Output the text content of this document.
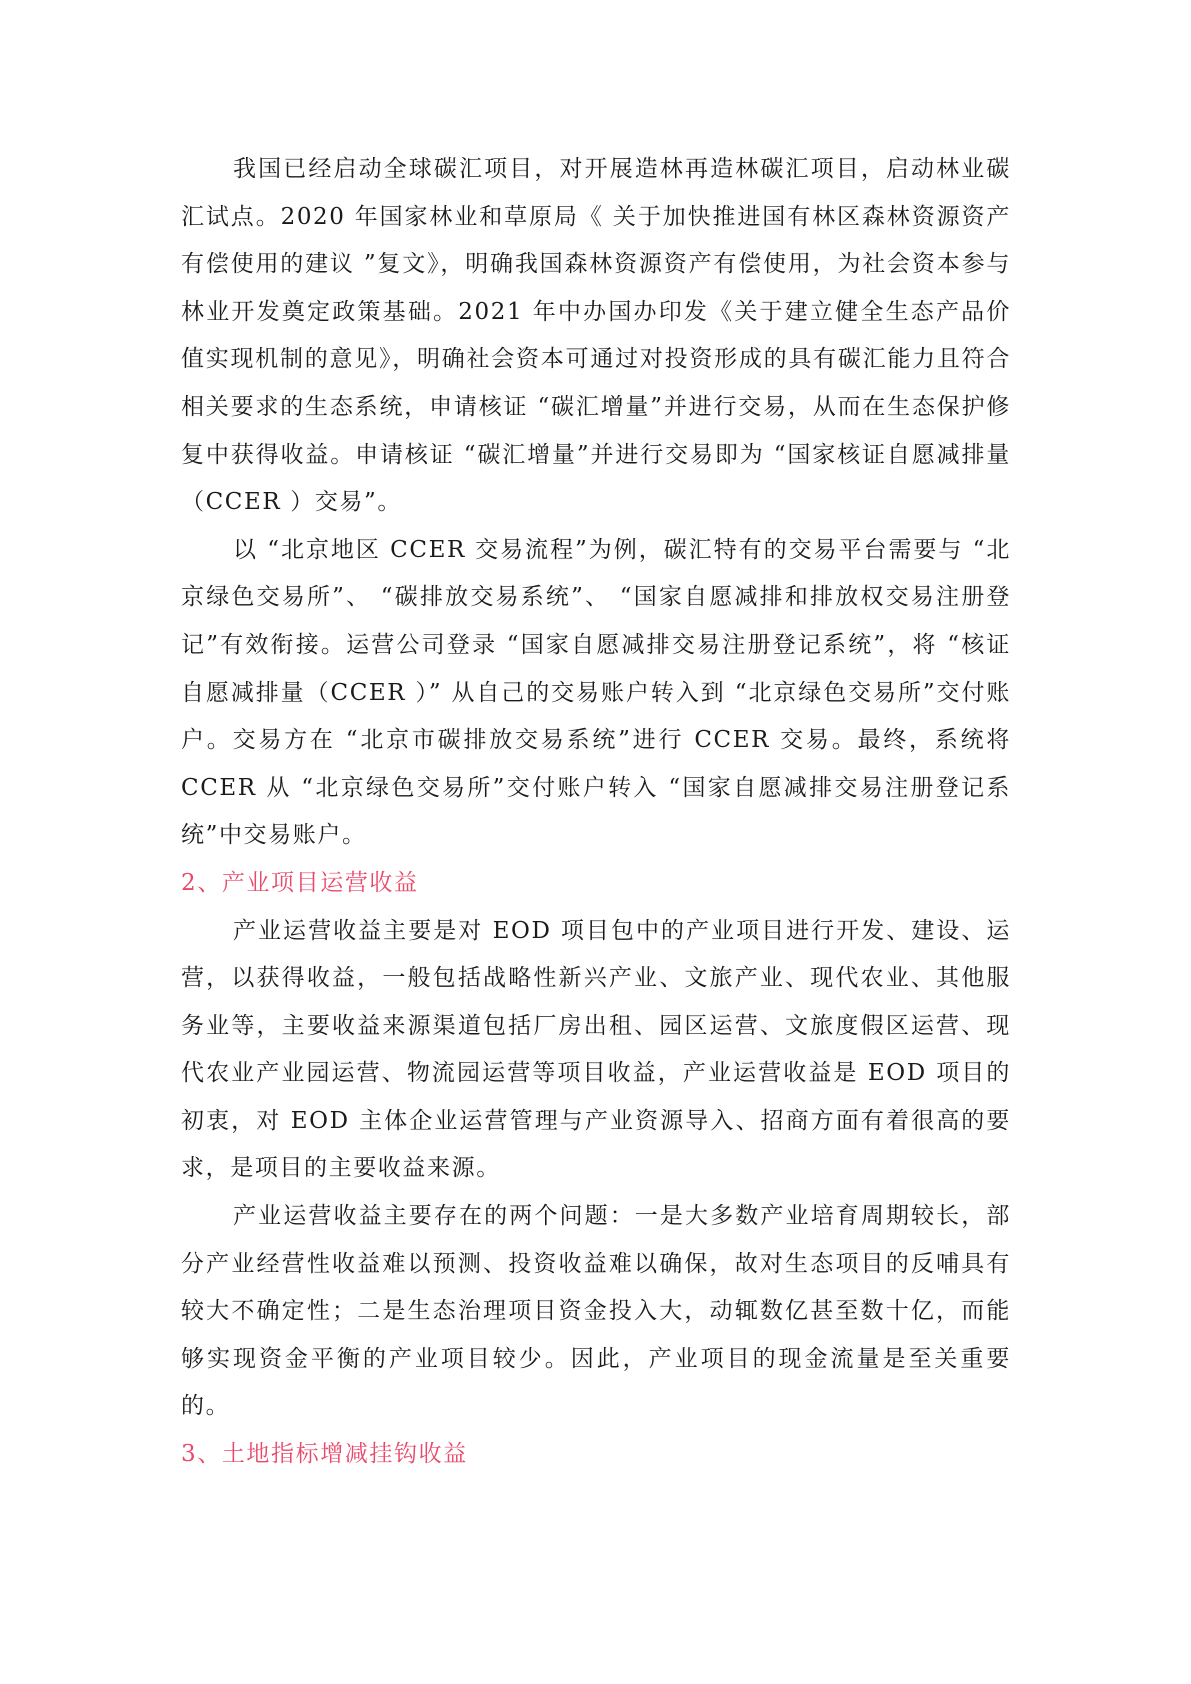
我国已经启动全球碳汇项目，对开展造林再造林碳汇项目，启动林业碳汇试点。2020 年国家林业和草原局《 关于加快推进国有林区森林资源资产有偿使用的建议 ”复文》，明确我国森林资源资产有偿使用，为社会资本参与林业开发奠定政策基础。2021 年中办国办印发《关于建立健全生态产品价值实现机制的意见》，明确社会资本可通过对投资形成的具有碳汇能力且符合相关要求的生态系统，申请核证 “碳汇增量”并进行交易，从而在生态保护修复中获得收益。申请核证 “碳汇增量”并进行交易即为 “国家核证自愿减排量（CCER ）交易”。

以 “北京地区 CCER 交易流程”为例，碳汇特有的交易平台需要与 “北京绿色交易所”、 “碳排放交易系统”、 “国家自愿减排和排放权交易注册登记”有效衔接。运营公司登录 “国家自愿减排交易注册登记系统”，将 “核证自愿减排量（CCER ）” 从自己的交易账户转入到 “北京绿色交易所”交付账户。交易方在 “北京市碳排放交易系统”进行 CCER 交易。最终，系统将 CCER 从 “北京绿色交易所”交付账户转入 “国家自愿减排交易注册登记系统”中交易账户。

2、产业项目运营收益

产业运营收益主要是对 EOD 项目包中的产业项目进行开发、建设、运营，以获得收益，一般包括战略性新兴产业、文旅产业、现代农业、其他服务业等，主要收益来源渠道包括厂房出租、园区运营、文旅度假区运营、现代农业产业园运营、物流园运营等项目收益，产业运营收益是 EOD 项目的初衷，对 EOD 主体企业运营管理与产业资源导入、招商方面有着很高的要求，是项目的主要收益来源。

产业运营收益主要存在的两个问题：一是大多数产业培育周期较长，部分产业经营性收益难以预测、投资收益难以确保，故对生态项目的反哺具有较大不确定性；二是生态治理项目资金投入大，动辄数亿甚至数十亿，而能够实现资金平衡的产业项目较少。因此，产业项目的现金流量是至关重要的。

3、土地指标增减挂钩收益
